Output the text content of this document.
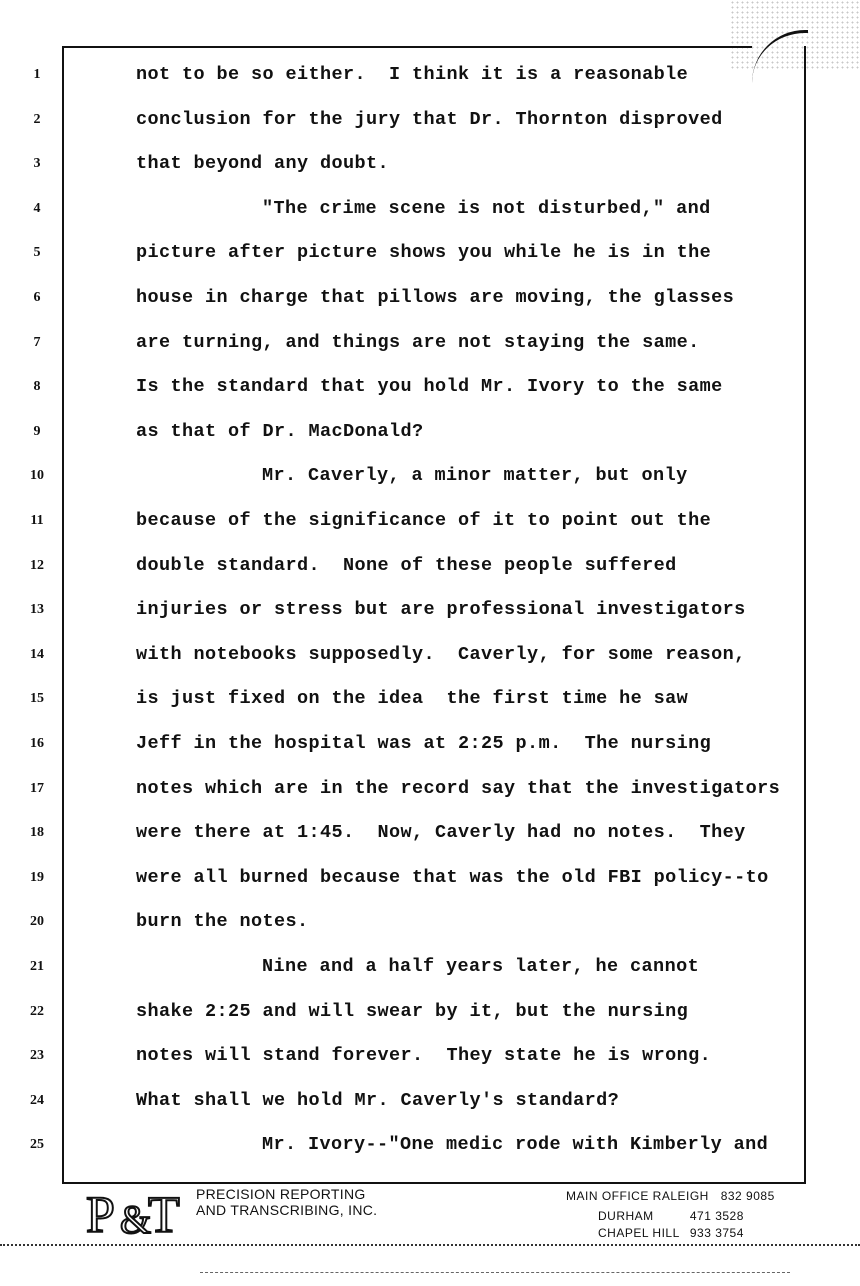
1	not to be so either.  I think it is a reasonable
2	conclusion for the jury that Dr. Thornton disproved
3	that beyond any doubt.
4	"The crime scene is not disturbed," and
5	picture after picture shows you while he is in the
6	house in charge that pillows are moving, the glasses
7	are turning, and things are not staying the same.
8	Is the standard that you hold Mr. Ivory to the same
9	as that of Dr. MacDonald?
10	Mr. Caverly, a minor matter, but only
11	because of the significance of it to point out the
12	double standard.  None of these people suffered
13	injuries or stress but are professional investigators
14	with notebooks supposedly.  Caverly, for some reason,
15	is just fixed on the idea  the first time he saw
16	Jeff in the hospital was at 2:25 p.m.  The nursing
17	notes which are in the record say that the investigators
18	were there at 1:45.  Now, Caverly had no notes.  They
19	were all burned because that was the old FBI policy--to
20	burn the notes.
21	Nine and a half years later, he cannot
22	shake 2:25 and will swear by it, but the nursing
23	notes will stand forever.  They state he is wrong.
24	What shall we hold Mr. Caverly's standard?
25	Mr. Ivory--"One medic rode with Kimberly and
P &
T PRECISION REPORTING
AND TRANSCRIBING, INC.
MAIN OFFICE RALEIGH 832 9085
DURHAM	471 3528
CHAPEL HILL 933 3754
